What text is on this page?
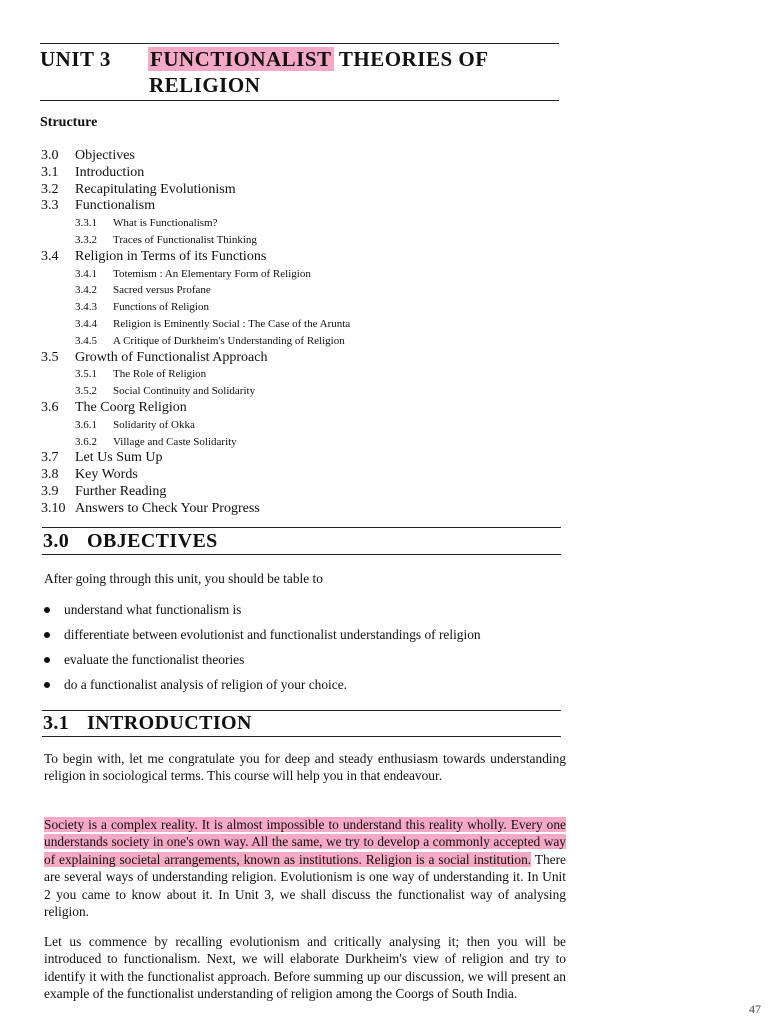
UNIT 3 FUNCTIONALIST THEORIES OF
RELIGION
Structure
3.0 Objectives
3.1 Introduction
3.2 Recapitulating Evolutionism
3.3 Functionalism
3.3.1 What is Functionalism?
3.3.2 Traces of Functionalist Thinking
3.4 Religion in Terms of its Functions
3.4.1 Totemism : An Elementary Form of Religion
3.4.2 Sacred versus Profane
3.4.3 Functions of Religion
3.4.4 Religion is Eminently Social : The Case of the Arunta
3.4.5 A Critique of Durkheim's Understanding of Religion
3.5 Growth of Functionalist Approach
3.5.1 The Role of Religion
3.5.2 Social Continuity and Solidarity
3.6 The Coorg Religion
3.6.1 Solidarity of Okka
3.6.2 Village and Caste Solidarity
3.7 Let Us Sum Up
3.8 Key Words
3.9 Further Reading
3.10 Answers to Check Your Progress
3.0 OBJECTIVES

After going through this unit, you should be table to

understand what functionalism is
differentiate between evolutionist and functionalist understandings of religion
evaluate the functionalist theories
do a functionalist analysis of religion of your choice.
3.1 INTRODUCTION

To begin with, let me congratulate you for deep and steady enthusiasm towards understanding religion in sociological terms. This course will help you in that endeavour.

Society is a complex reality. It is almost impossible to understand this reality wholly. Every one understands society in one's own way. All the same, we try to develop a commonly accepted way of explaining societal arrangements, known as institutions. Religion is a social institution. There are several ways of understanding religion. Evolutionism is one way of understanding it. In Unit 2 you came to know about it. In Unit 3, we shall discuss the functionalist way of analysing religion.

Let us commence by recalling evolutionism and critically analysing it; then you will be introduced to functionalism. Next, we will elaborate Durkheim's view of religion and try to identify it with the functionalist approach. Before summing up our discussion, we will present an example of the functionalist understanding of religion among the Coorgs of South India.

47
